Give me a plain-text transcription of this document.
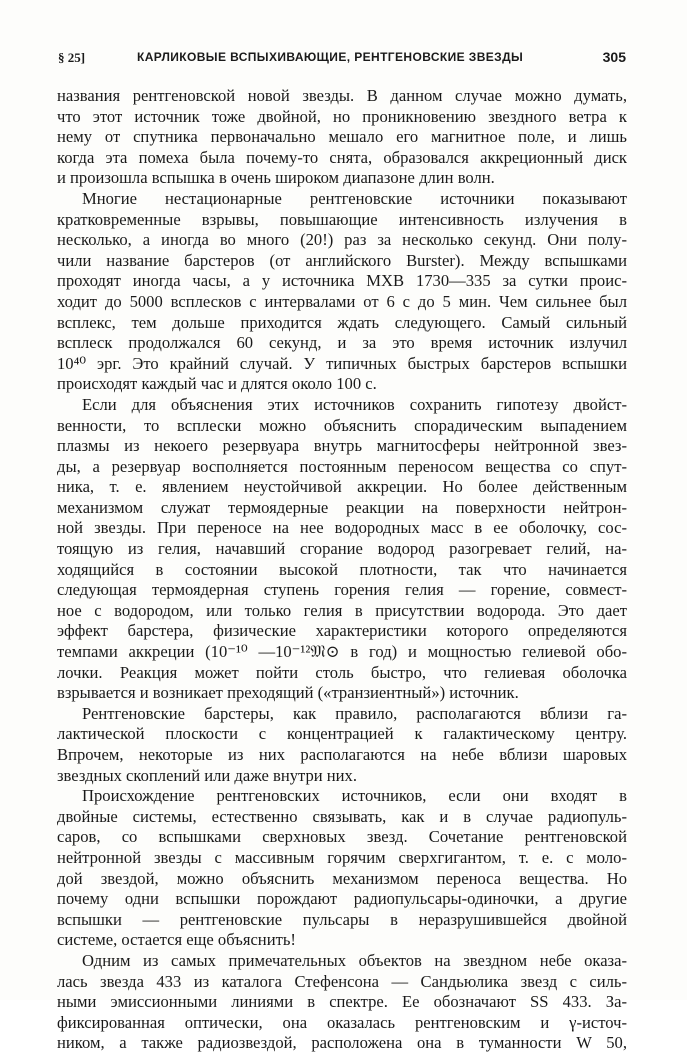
§ 25]	КАРЛИКОВЫЕ ВСПЫХИВАЮЩИЕ, РЕНТГЕНОВСКИЕ ЗВЕЗДЫ	305
названия рентгеновской новой звезды. В данном случае можно думать,
что этот источник тоже двойной, но проникновению звездного ветра к
нему от спутника первоначально мешало его магнитное поле, и лишь
когда эта помеха была почему-то снята, образовался аккреционный диск
и произошла вспышка в очень широком диапазоне длин волн.
Многие нестационарные рентгеновские источники показывают
кратковременные взрывы, повышающие интенсивность излучения в
несколько, а иногда во много (20!) раз за несколько секунд. Они полу-
чили название барстеров (от английского Burster). Между вспышками
проходят иногда часы, а у источника МХВ 1730—335 за сутки проис-
ходит до 5000 всплесков с интервалами от 6 с до 5 мин. Чем сильнее был
всплекс, тем дольше приходится ждать следующего. Самый сильный
всплеск продолжался 60 секунд, и за это время источник излучил
10⁴⁰ эрг. Это крайний случай. У типичных быстрых барстеров вспышки
происходят каждый час и длятся около 100 с.
Если для объяснения этих источников сохранить гипотезу двойст-
венности, то всплески можно объяснить спорадическим выпадением
плазмы из некоего резервуара внутрь магнитосферы нейтронной звез-
ды, а резервуар восполняется постоянным переносом вещества со спут-
ника, т. е. явлением неустойчивой аккреции. Но более действенным
механизмом служат термоядерные реакции на поверхности нейтрон-
ной звезды. При переносе на нее водородных масс в ее оболочку, сос-
тоящую из гелия, начавший сгорание водород разогревает гелий, на-
ходящийся в состоянии высокой плотности, так что начинается
следующая термоядерная ступень горения гелия — горение, совмест-
ное с водородом, или только гелия в присутствии водорода. Это дает
эффект барстера, физические характеристики которого определяются
темпами аккреции (10⁻¹⁰ —10⁻¹²𝔐⊙ в год) и мощностью гелиевой обо-
лочки. Реакция может пойти столь быстро, что гелиевая оболочка
взрывается и возникает преходящий («транзиентный») источник.
Рентгеновские барстеры, как правило, располагаются вблизи га-
лактической плоскости с концентрацией к галактическому центру.
Впрочем, некоторые из них располагаются на небе вблизи шаровых
звездных скоплений или даже внутри них.
Происхождение рентгеновских источников, если они входят в
двойные системы, естественно связывать, как и в случае радиопуль-
саров, со вспышками сверхновых звезд. Сочетание рентгеновской
нейтронной звезды с массивным горячим сверхгигантом, т. е. с моло-
дой звездой, можно объяснить механизмом переноса вещества. Но
почему одни вспышки порождают радиопульсары-одиночки, а другие
вспышки — рентгеновские пульсары в неразрушившейся двойной
системе, остается еще объяснить!
Одним из самых примечательных объектов на звездном небе оказа-
лась звезда 433 из каталога Стефенсона — Сандьюлика звезд с силь-
ными эмиссионными линиями в спектре. Ее обозначают SS 433. За-
фиксированная оптически, она оказалась рентгеновским и γ-источ-
ником, а также радиозвездой, расположена она в туманности W 50,
